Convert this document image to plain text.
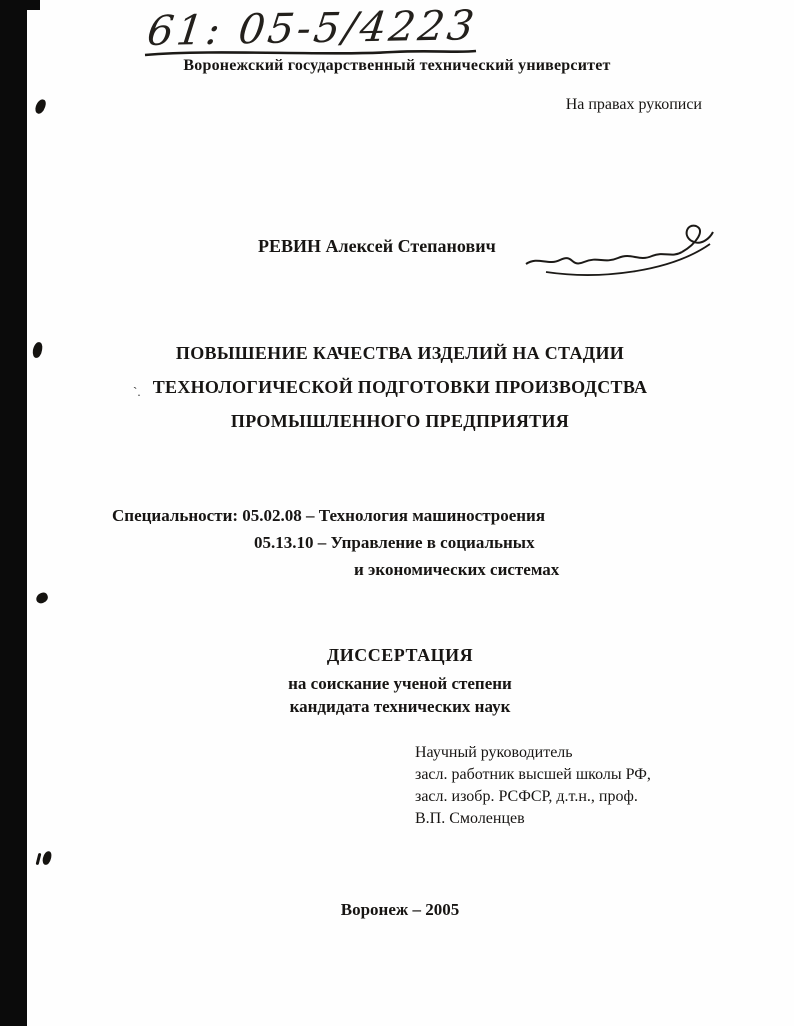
61: 05-5/4223
Воронежский государственный технический университет
На правах рукописи
РЕВИН Алексей Степанович
ПОВЫШЕНИЕ КАЧЕСТВА ИЗДЕЛИЙ НА СТАДИИ
ТЕХНОЛОГИЧЕСКОЙ ПОДГОТОВКИ ПРОИЗВОДСТВА
ПРОМЫШЛЕННОГО ПРЕДПРИЯТИЯ
ˋ.
Специальности: 05.02.08 – Технология машиностроения
05.13.10 – Управление в социальных
и экономических системах
ДИССЕРТАЦИЯ
на соискание ученой степени
кандидата технических наук
Научный руководитель
засл. работник высшей школы РФ,
засл. изобр. РСФСР, д.т.н., проф.
В.П. Смоленцев
Воронеж – 2005
